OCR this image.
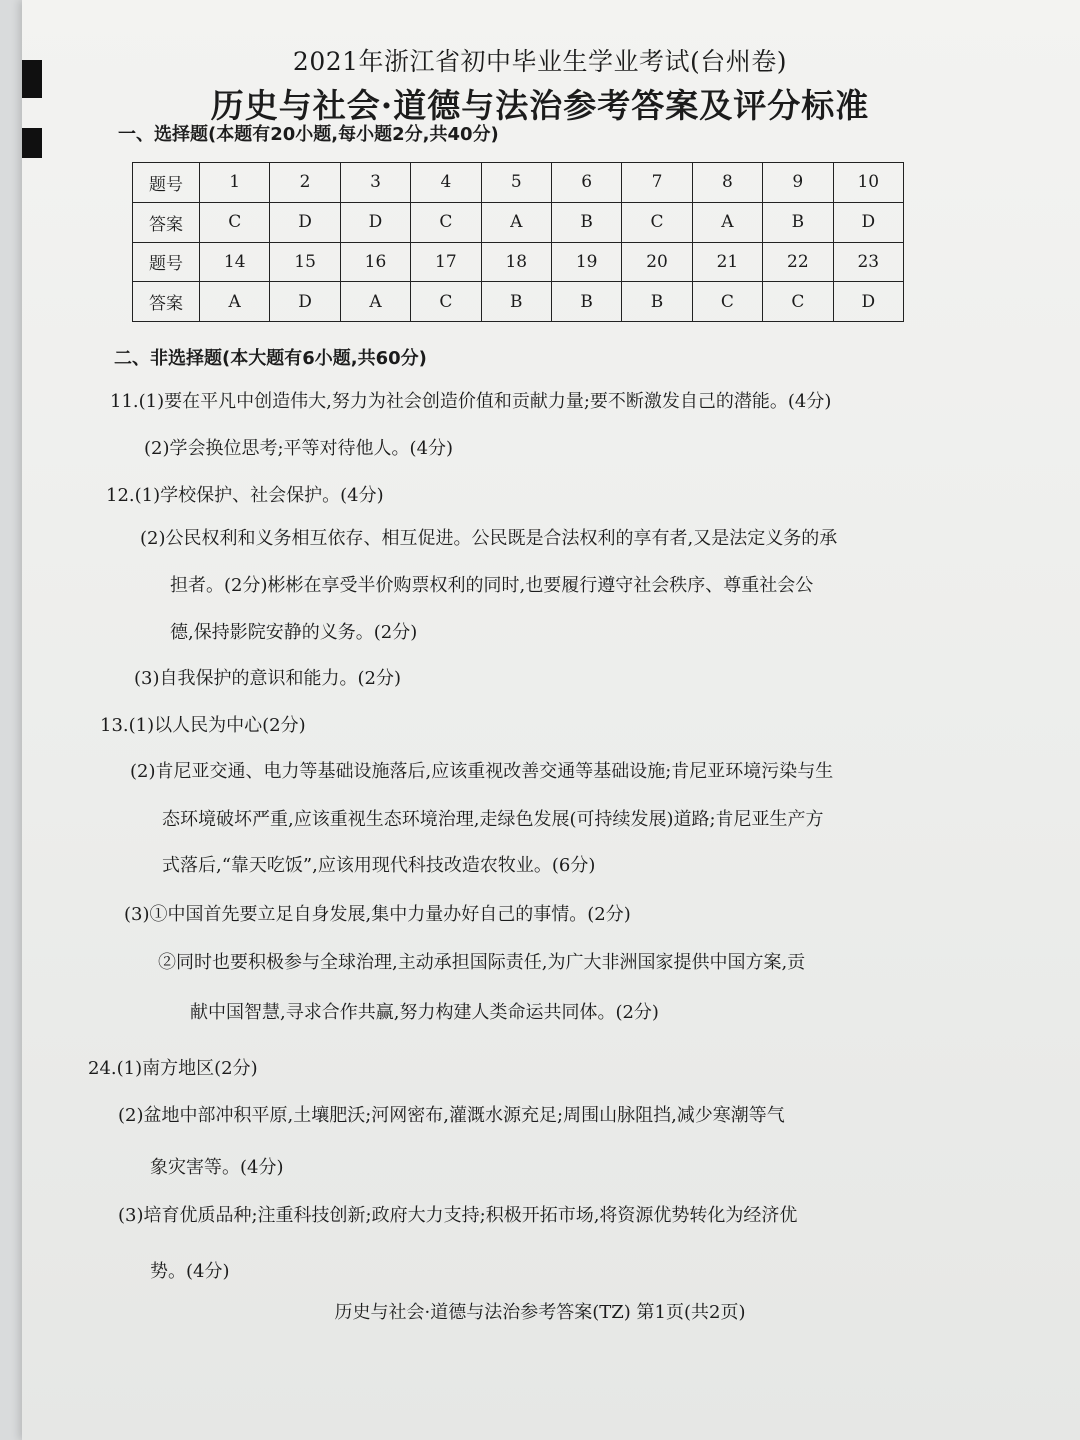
2021年浙江省初中毕业生学业考试(台州卷)
历史与社会·道德与法治参考答案及评分标准
一、选择题(本题有20小题,每小题2分,共40分)
题号	1	2	3	4	5	6	7	8	9	10
答案	C	D	D	C	A	B	C	A	B	D
题号	14	15	16	17	18	19	20	21	22	23
答案	A	D	A	C	B	B	B	C	C	D
二、非选择题(本大题有6小题,共60分)
11.(1)要在平凡中创造伟大,努力为社会创造价值和贡献力量;要不断激发自己的潜能。(4分)
(2)学会换位思考;平等对待他人。(4分)
12.(1)学校保护、社会保护。(4分)
(2)公民权利和义务相互依存、相互促进。公民既是合法权利的享有者,又是法定义务的承
担者。(2分)彬彬在享受半价购票权利的同时,也要履行遵守社会秩序、尊重社会公
德,保持影院安静的义务。(2分)
(3)自我保护的意识和能力。(2分)
13.(1)以人民为中心(2分)
(2)肯尼亚交通、电力等基础设施落后,应该重视改善交通等基础设施;肯尼亚环境污染与生
态环境破坏严重,应该重视生态环境治理,走绿色发展(可持续发展)道路;肯尼亚生产方
式落后,“靠天吃饭”,应该用现代科技改造农牧业。(6分)
(3)①中国首先要立足自身发展,集中力量办好自己的事情。(2分)
②同时也要积极参与全球治理,主动承担国际责任,为广大非洲国家提供中国方案,贡
献中国智慧,寻求合作共赢,努力构建人类命运共同体。(2分)
24.(1)南方地区(2分)
(2)盆地中部冲积平原,土壤肥沃;河网密布,灌溉水源充足;周围山脉阻挡,减少寒潮等气
象灾害等。(4分)
(3)培育优质品种;注重科技创新;政府大力支持;积极开拓市场,将资源优势转化为经济优
势。(4分)
历史与社会·道德与法治参考答案(TZ) 第1页(共2页)
